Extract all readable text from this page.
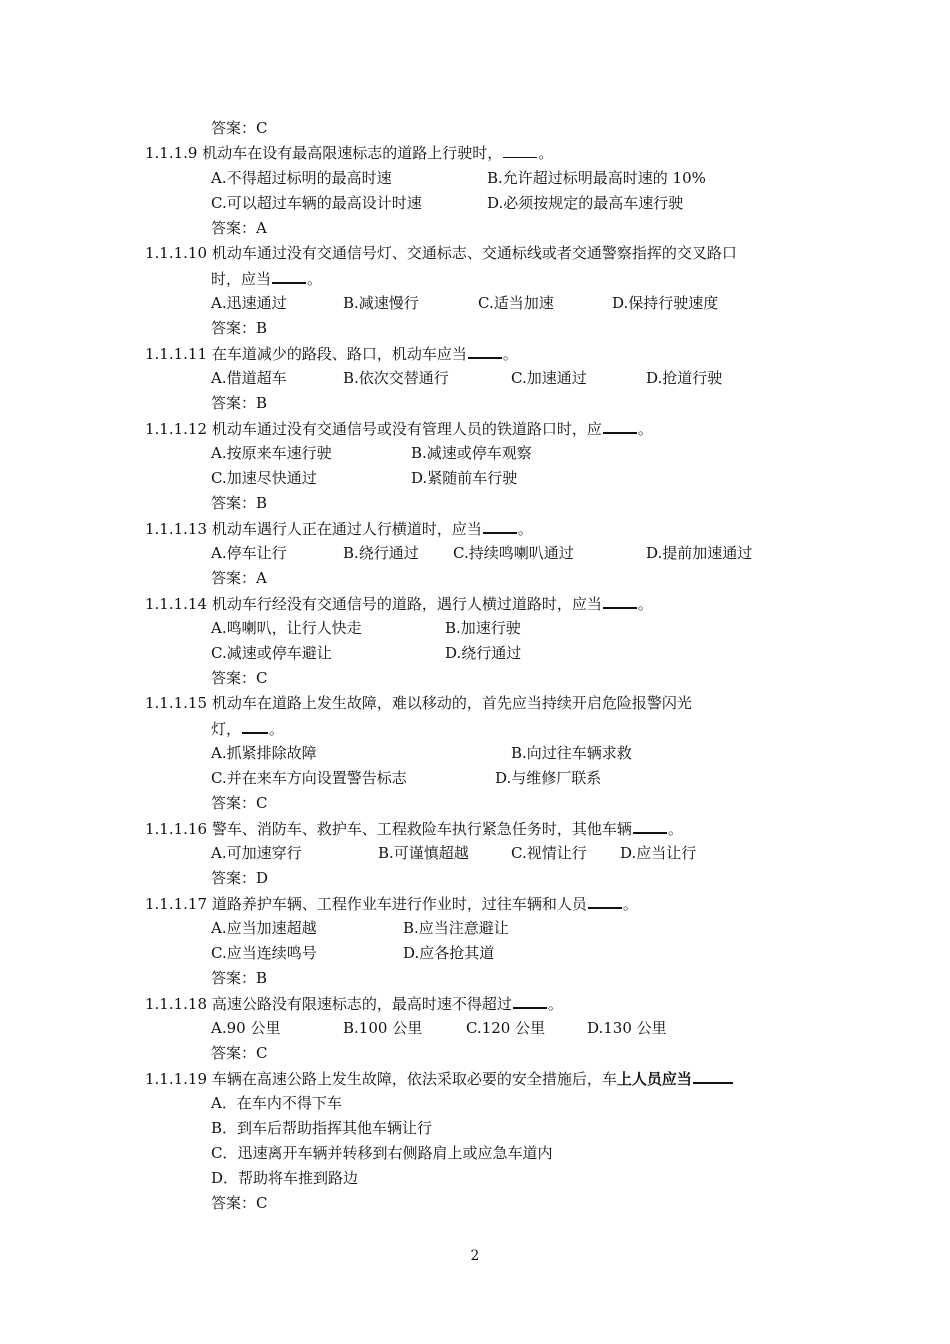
答案：C
1.1.1.9 机动车在设有最高限速标志的道路上行驶时， 。
A.不得超过标明的最高时速	B.允许超过标明最高时速的 10%
C.可以超过车辆的最高设计时速	D.必须按规定的最高车速行驶
答案：A
1.1.1.10 机动车通过没有交通信号灯、交通标志、交通标线或者交通警察指挥的交叉路口
时，应当 。
A.迅速通过	B.减速慢行	C.适当加速	D.保持行驶速度
答案：B
1.1.1.11 在车道减少的路段、路口，机动车应当 。
A.借道超车	B.依次交替通行	C.加速通过	D.抢道行驶
答案：B
1.1.1.12 机动车通过没有交通信号或没有管理人员的铁道路口时，应 。
A.按原来车速行驶	B.减速或停车观察
C.加速尽快通过	D.紧随前车行驶
答案：B
1.1.1.13 机动车遇行人正在通过人行横道时，应当 。
A.停车让行	B.绕行通过 C.持续鸣喇叭通过	D.提前加速通过
答案：A
1.1.1.14 机动车行经没有交通信号的道路，遇行人横过道路时，应当 。
A.鸣喇叭，让行人快走	B.加速行驶
C.减速或停车避让	D.绕行通过
答案：C
1.1.1.15 机动车在道路上发生故障，难以移动的，首先应当持续开启危险报警闪光
灯， 。
A.抓紧排除故障	B.向过往车辆求救
C.并在来车方向设置警告标志	D.与维修厂联系
答案：C
1.1.1.16 警车、消防车、救护车、工程救险车执行紧急任务时，其他车辆 。
A.可加速穿行	B.可谨慎超越	C.视情让行 D.应当让行
答案：D
1.1.1.17 道路养护车辆、工程作业车进行作业时，过往车辆和人员 。
A.应当加速超越	B.应当注意避让
C.应当连续鸣号	D.应各抢其道
答案：B
1.1.1.18 高速公路没有限速标志的，最高时速不得超过 。
A.90 公里	B.100 公里	C.120 公里	D.130 公里
答案：C
1.1.1.19 车辆在高速公路上发生故障，依法采取必要的安全措施后，车上人员应当
A．在车内不得下车
B．到车后帮助指挥其他车辆让行
C．迅速离开车辆并转移到右侧路肩上或应急车道内
D．帮助将车推到路边
答案：C
2
